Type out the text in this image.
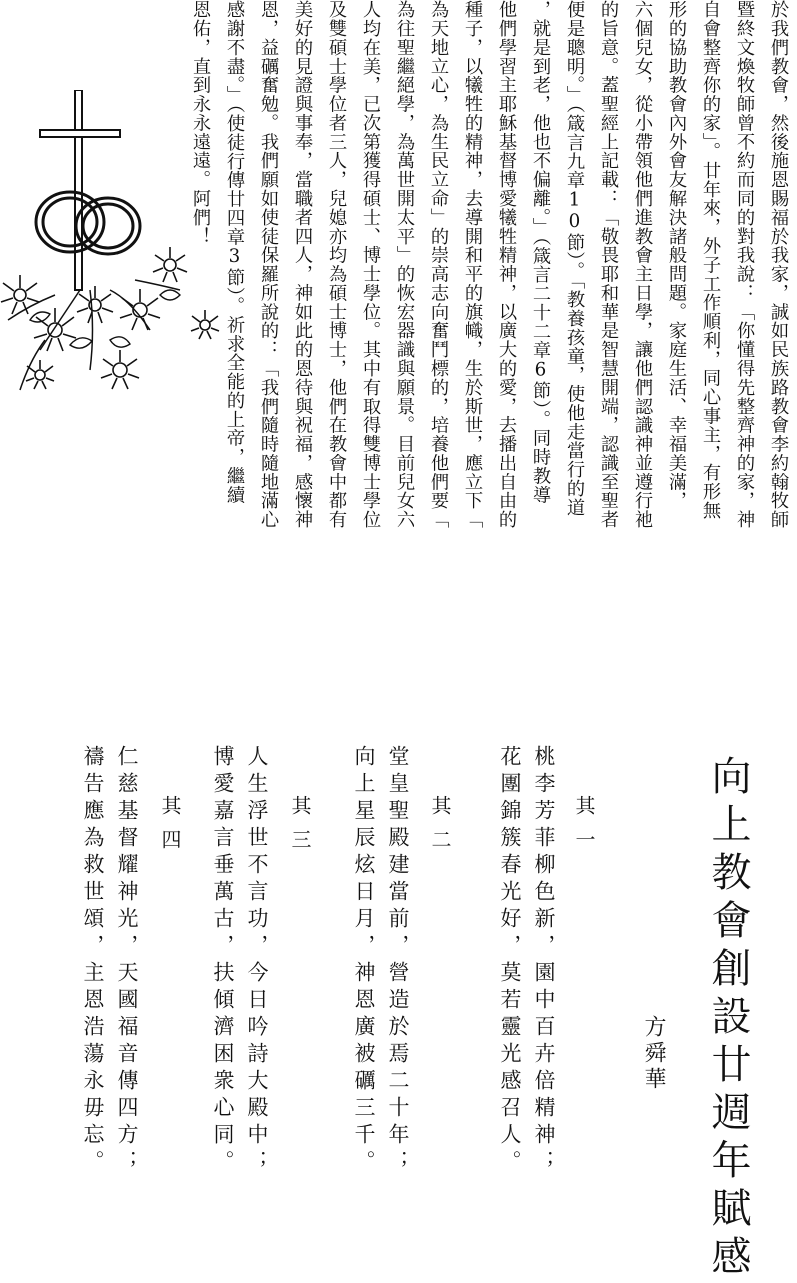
於我們教會，然後施恩賜福於我家，誠如民族路教會李約翰牧師
暨終文煥牧師曾不約而同的對我說：「你懂得先整齊神的家，神
自會整齊你的家」。廿年來，外子工作順利，同心事主，有形無
形的協助教會內外會友解決諸般問題。家庭生活、幸福美滿，
六個兒女，從小帶領他們進教會主日學，讓他們認識神並遵行祂
的旨意。蓋聖經上記載：「敬畏耶和華是智慧開端，認識至聖者
便是聰明。」（箴言九章10節）。「教養孩童，使他走當行的道
，就是到老，他也不偏離。」（箴言二十二章6節）。同時教導
他們學習主耶穌基督博愛犧牲精神，以廣大的愛，去播出自由的
種子，以犧牲的精神，去導開和平的旗幟，生於斯世，應立下「
為天地立心，為生民立命」的崇高志向奮鬥標的，培養他們要「
為往聖繼絕學，為萬世開太平」的恢宏器識與願景。目前兒女六
人均在美，已次第獲得碩士、博士學位。其中有取得雙博士學位
及雙碩士學位者三人，兒媳亦均為碩士博士，他們在教會中都有
美好的見證與事奉，當職者四人，神如此的恩待與祝福，感懷神
恩，益礪奮勉。我們願如使徒保羅所說的：「我們隨時隨地滿心
感謝不盡。」（使徒行傳廿四章3節）。祈求全能的上帝，繼續
恩佑，直到永永遠遠。阿們！
向上教會創設廿週年賦感
方舜華
其一
桃李芳菲柳色新，園中百卉倍精神；
花團錦簇春光好，莫若靈光感召人。
其二
堂皇聖殿建當前，營造於焉二十年；
向上星辰炫日月，神恩廣被礪三千。
其三
人生浮世不言功，今日吟詩大殿中；
博愛嘉言垂萬古，扶傾濟困衆心同。
其四
仁慈基督耀神光，天國福音傳四方；
禱告應為救世頌，主恩浩蕩永毋忘。
